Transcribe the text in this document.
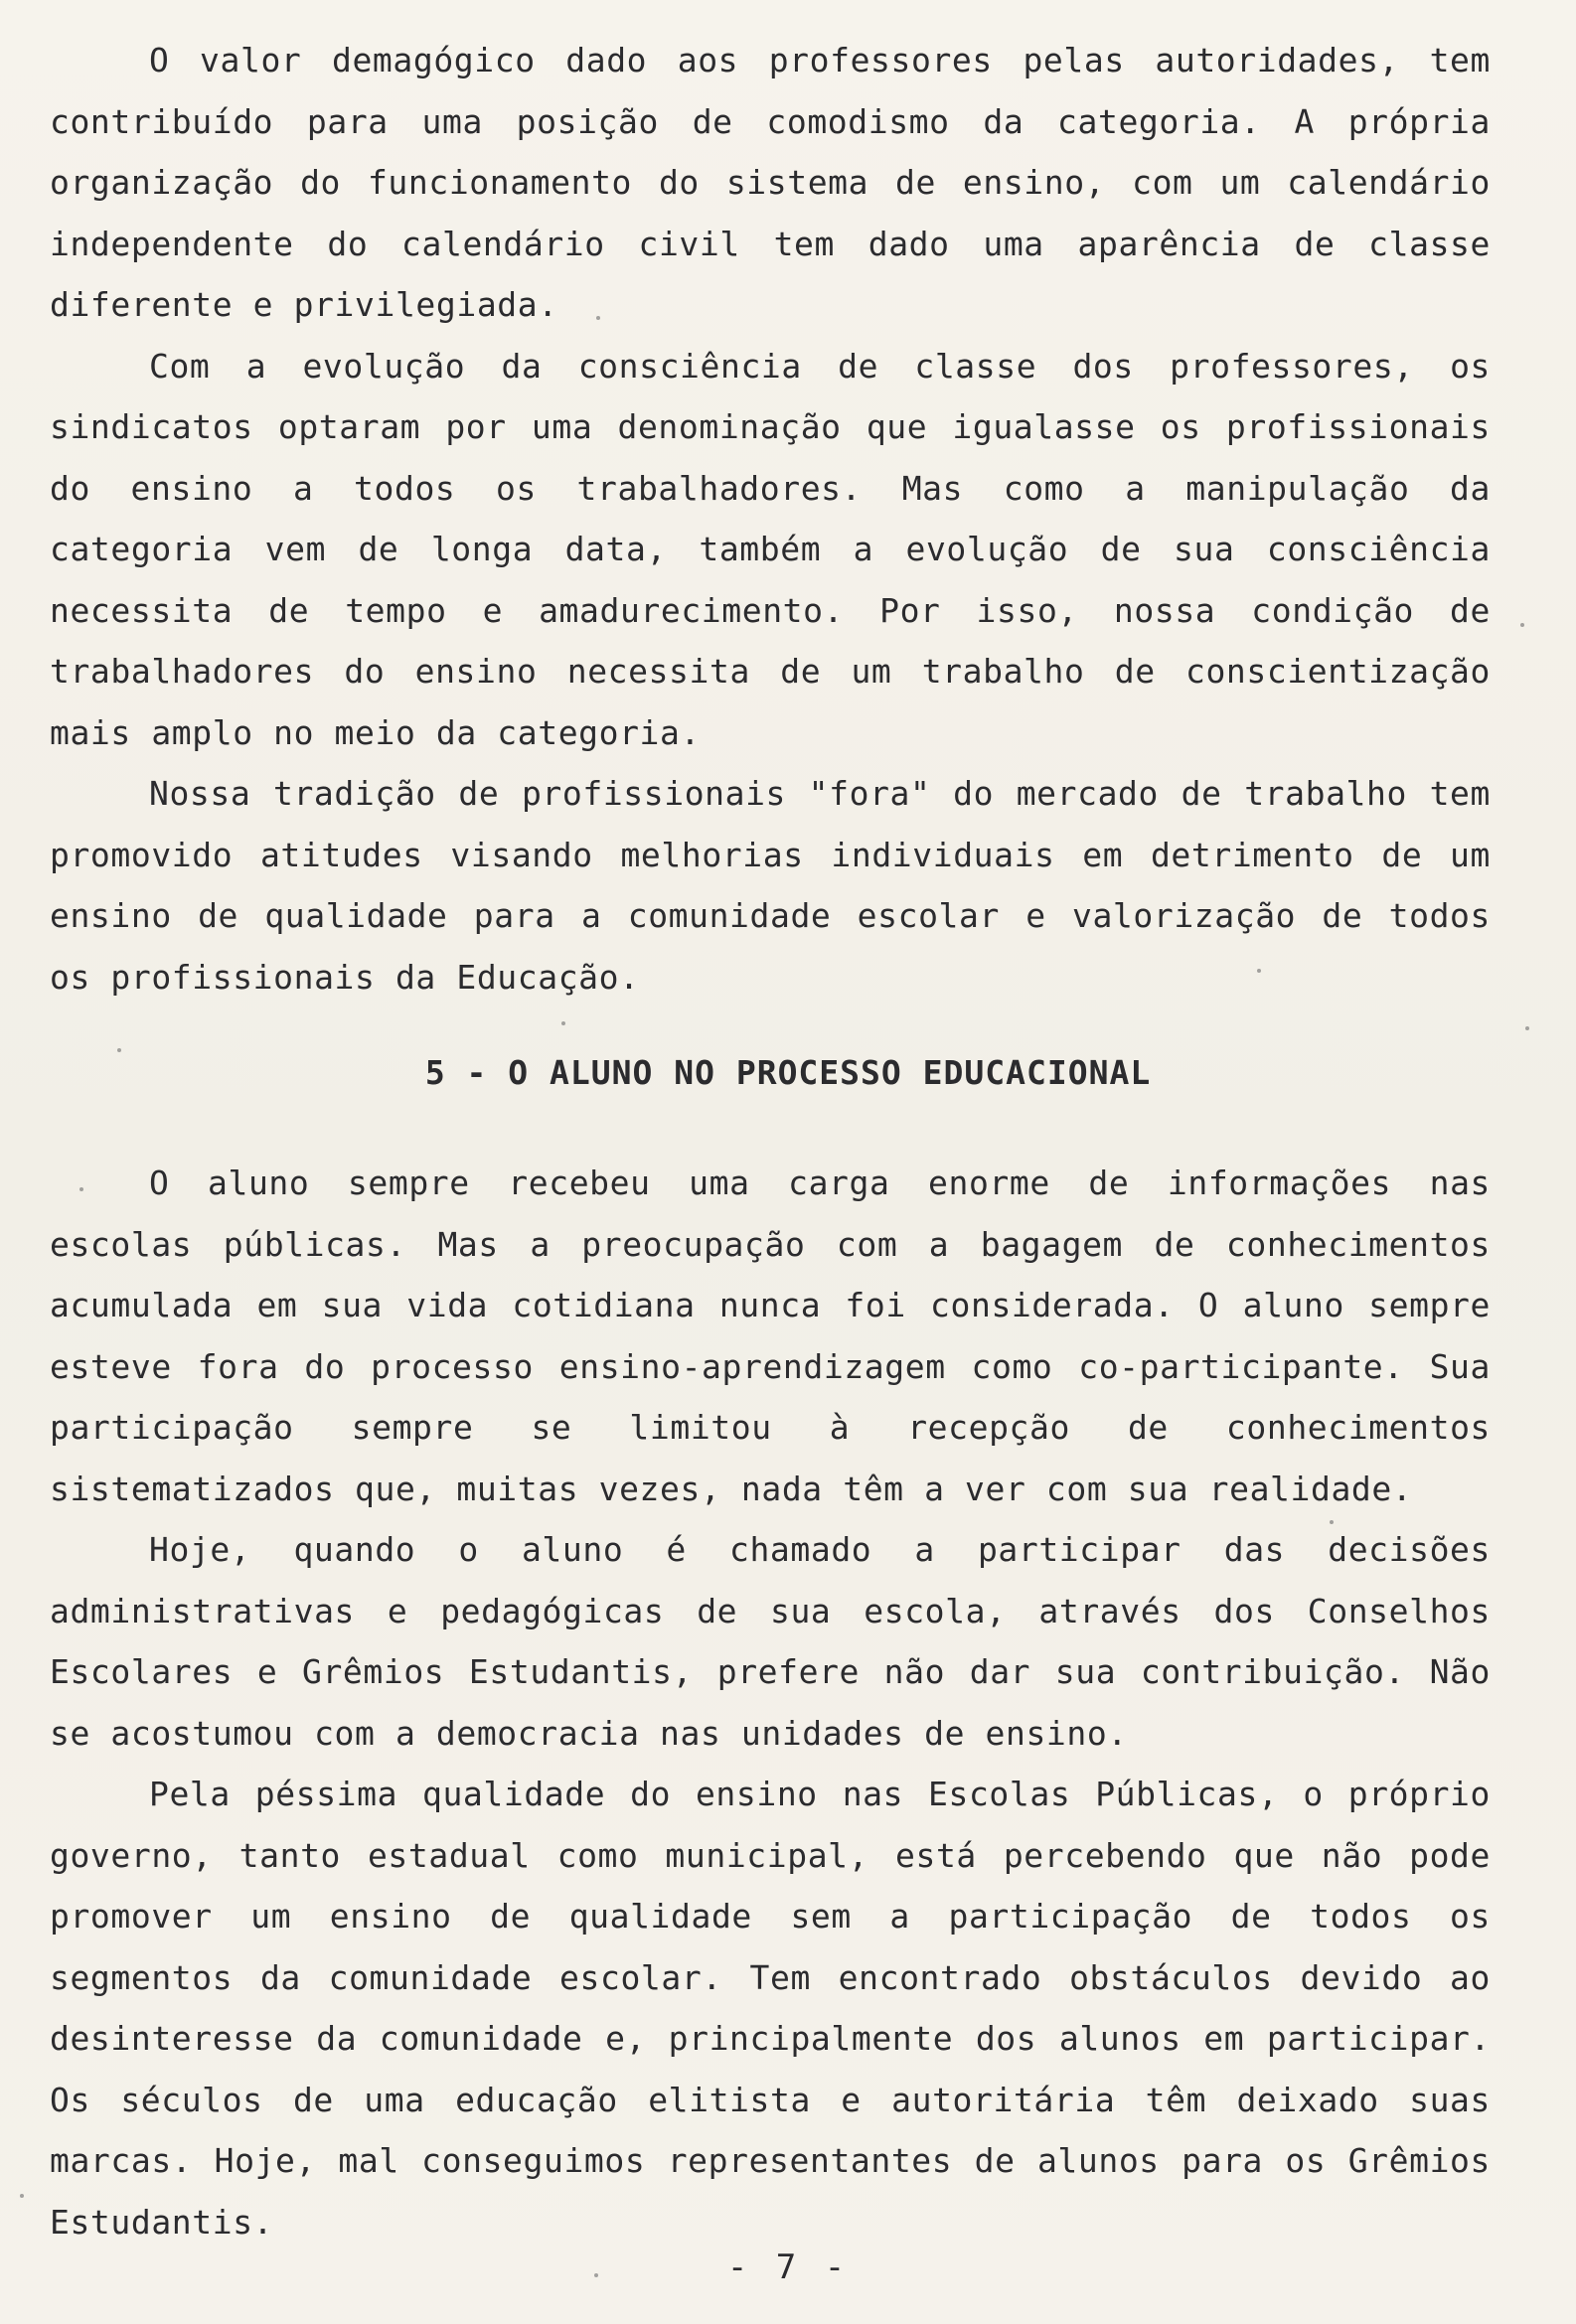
O valor demagógico dado aos professores pelas autoridades, tem contribuído para uma posição de comodismo da categoria. A própria organização do funcionamento do sistema de ensino, com um calendário independente do calendário civil tem dado uma aparência de classe diferente e privilegiada.

Com a evolução da consciência de classe dos professores, os sindicatos optaram por uma denominação que igualasse os profissionais do ensino a todos os trabalhadores. Mas como a manipulação da categoria vem de longa data, também a evolução de sua consciência necessita de tempo e amadurecimento. Por isso, nossa condição de trabalhadores do ensino necessita de um trabalho de conscientização mais amplo no meio da categoria.

Nossa tradição de profissionais "fora" do mercado de trabalho tem promovido atitudes visando melhorias individuais em detrimento de um ensino de qualidade para a comunidade escolar e valorização de todos os profissionais da Educação.

5 - O ALUNO NO PROCESSO EDUCACIONAL

O aluno sempre recebeu uma carga enorme de informações nas escolas públicas. Mas a preocupação com a bagagem de conhecimentos acumulada em sua vida cotidiana nunca foi considerada. O aluno sempre esteve fora do processo ensino-aprendizagem como co-participante. Sua participação sempre se limitou à recepção de conhecimentos sistematizados que, muitas vezes, nada têm a ver com sua realidade.

Hoje, quando o aluno é chamado a participar das decisões administrativas e pedagógicas de sua escola, através dos Conselhos Escolares e Grêmios Estudantis, prefere não dar sua contribuição. Não se acostumou com a democracia nas unidades de ensino.

Pela péssima qualidade do ensino nas Escolas Públicas, o próprio governo, tanto estadual como municipal, está percebendo que não pode promover um ensino de qualidade sem a participação de todos os segmentos da comunidade escolar. Tem encontrado obstáculos devido ao desinteresse da comunidade e, principalmente dos alunos em participar. Os séculos de uma educação elitista e autoritária têm deixado suas marcas. Hoje, mal conseguimos representantes de alunos para os Grêmios Estudantis.

- 7 -
